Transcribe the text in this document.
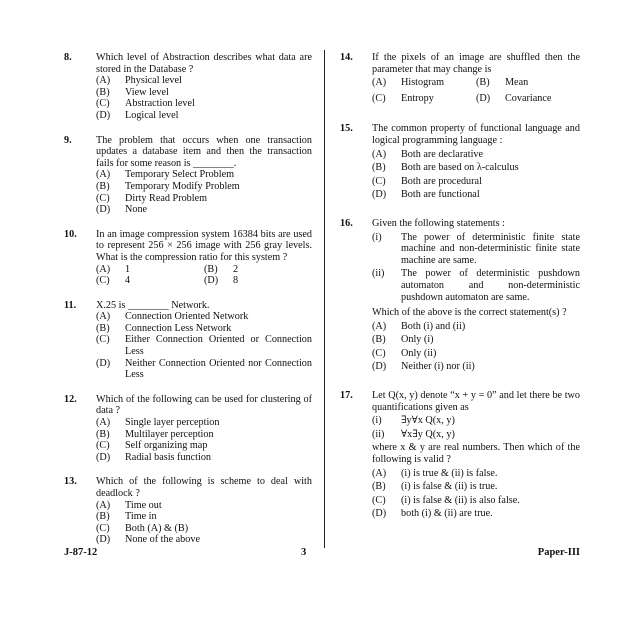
8. Which level of Abstraction describes what data are stored in the Database ?
(A)	Physical level
(B)	View level
(C)	Abstraction level
(D)	Logical level
9. The problem that occurs when one transaction updates a database item and then the transaction fails for some reason is ________.
(A)	Temporary Select Problem
(B)	Temporary Modify Problem
(C)	Dirty Read Problem
(D)	None
10. In an image compression system 16384 bits are used to represent 256 × 256 image with 256 gray levels. What is the compression ratio for this system ?
(A)	1	(B)	2
(C)	4	(D)	8
11. X.25 is ________ Network.
(A)	Connection Oriented Network
(B)	Connection Less Network
(C)	Either Connection Oriented or Connection Less
(D)	Neither Connection Oriented nor Connection Less
12. Which of the following can be used for clustering of data ?
(A)	Single layer perception
(B)	Multilayer perception
(C)	Self organizing map
(D)	Radial basis function
13. Which of the following is scheme to deal with deadlock ?
(A)	Time out
(B)	Time in
(C)	Both (A) & (B)
(D)	None of the above
14. If the pixels of an image are shuffled then the parameter that may change is
(A)	Histogram	(B)	Mean
(C)	Entropy	(D)	Covariance
15. The common property of functional language and logical programming language :
(A)	Both are declarative
(B)	Both are based on λ-calculus
(C)	Both are procedural
(D)	Both are functional
16. Given the following statements :
(i)	The power of deterministic finite state machine and non-deterministic finite state machine are same.
(ii)	The power of deterministic pushdown automaton and non-deterministic pushdown automaton are same.
Which of the above is the correct statement(s) ?
(A)	Both (i) and (ii)
(B)	Only (i)
(C)	Only (ii)
(D)	Neither (i) nor (ii)
17. Let Q(x, y) denote “x + y = 0” and let there be two quantifications given as
(i)	∃y∀x Q(x, y)
(ii)	∀x∃y Q(x, y)
where x & y are real numbers. Then which of the following is valid ?
(A)	(i) is true & (ii) is false.
(B)	(i) is false & (ii) is true.
(C)	(i) is false & (ii) is also false.
(D)	both (i) & (ii) are true.
J-87-12	3	Paper-III
